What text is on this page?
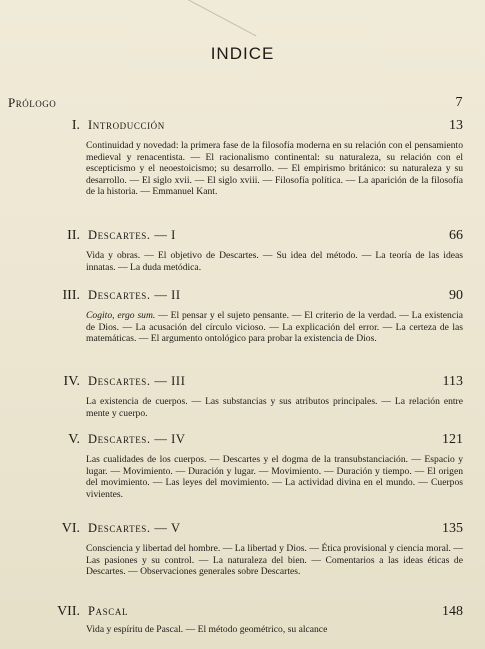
INDICE
Prólogo	7
I. Introducción	13
Continuidad y novedad: la primera fase de la filosofía moderna en su relación con el pensamiento medieval y renacentista. — El racionalismo continental: su naturaleza, su relación con el escepticismo y el neoestoicismo; su desarrollo. — El empirismo británico: su naturaleza y su desarrollo. — El siglo xvii. — El siglo xviii. — Filosofía política. — La aparición de la filosofía de la historia. — Emmanuel Kant.
II. Descartes. — I	66
Vida y obras. — El objetivo de Descartes. — Su idea del método. — La teoría de las ideas innatas. — La duda metódica.
III. Descartes. — II	90
Cogito, ergo sum. — El pensar y el sujeto pensante. — El criterio de la verdad. — La existencia de Dios. — La acusación del círculo vicioso. — La explicación del error. — La certeza de las matemáticas. — El argumento ontológico para probar la existencia de Dios.
IV. Descartes. — III	113
La existencia de cuerpos. — Las substancias y sus atributos principales. — La relación entre mente y cuerpo.
V. Descartes. — IV	121
Las cualidades de los cuerpos. — Descartes y el dogma de la transubstanciación. — Espacio y lugar. — Movimiento. — Duración y lugar. — Movimiento. — Duración y tiempo. — El origen del movimiento. — Las leyes del movimiento. — La actividad divina en el mundo. — Cuerpos vivientes.
VI. Descartes. — V	135
Consciencia y libertad del hombre. — La libertad y Dios. — Ética provisional y ciencia moral. — Las pasiones y su control. — La naturaleza del bien. — Comentarios a las ideas éticas de Descartes. — Observaciones generales sobre Descartes.
VII. Pascal	148
Vida y espíritu de Pascal. — El método geométrico, su alcance
